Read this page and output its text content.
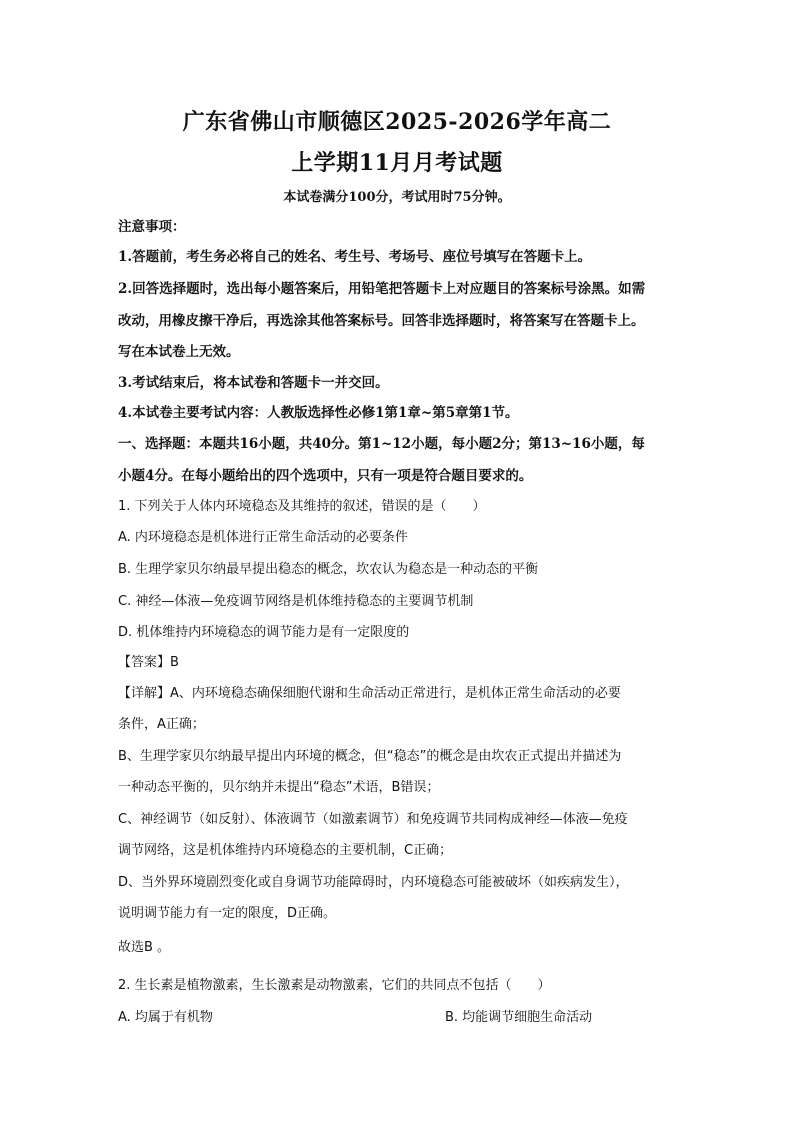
广东省佛山市顺德区2025-2026学年高二
上学期11月月考试题
本试卷满分100分，考试用时75分钟。
注意事项：
1.答题前，考生务必将自己的姓名、考生号、考场号、座位号填写在答题卡上。
2.回答选择题时，选出每小题答案后，用铅笔把答题卡上对应题目的答案标号涂黑。如需
改动，用橡皮擦干净后，再选涂其他答案标号。回答非选择题时，将答案写在答题卡上。
写在本试卷上无效。
3.考试结束后，将本试卷和答题卡一并交回。
4.本试卷主要考试内容：人教版选择性必修1第1章~第5章第1节。
一、选择题：本题共16小题，共40分。第1~12小题，每小题2分；第13~16小题，每
小题4分。在每小题给出的四个选项中，只有一项是符合题目要求的。
1. 下列关于人体内环境稳态及其维持的叙述，错误的是（　　）
A. 内环境稳态是机体进行正常生命活动的必要条件
B. 生理学家贝尔纳最早提出稳态的概念，坎农认为稳态是一种动态的平衡
C. 神经—体液—免疫调节网络是机体维持稳态的主要调节机制
D. 机体维持内环境稳态的调节能力是有一定限度的
【答案】B
【详解】A、内环境稳态确保细胞代谢和生命活动正常进行，是机体正常生命活动的必要
条件，A正确；
B、生理学家贝尔纳最早提出内环境的概念，但“稳态”的概念是由坎农正式提出并描述为
一种动态平衡的，贝尔纳并未提出“稳态”术语，B错误；
C、神经调节（如反射）、体液调节（如激素调节）和免疫调节共同构成神经—体液—免疫
调节网络，这是机体维持内环境稳态的主要机制，C正确；
D、当外界环境剧烈变化或自身调节功能障碍时，内环境稳态可能被破坏（如疾病发生），
说明调节能力有一定的限度，D正确。
故选B 。
2. 生长素是植物激素，生长激素是动物激素，它们的共同点不包括（　　）
A. 均属于有机物	B. 均能调节细胞生命活动
